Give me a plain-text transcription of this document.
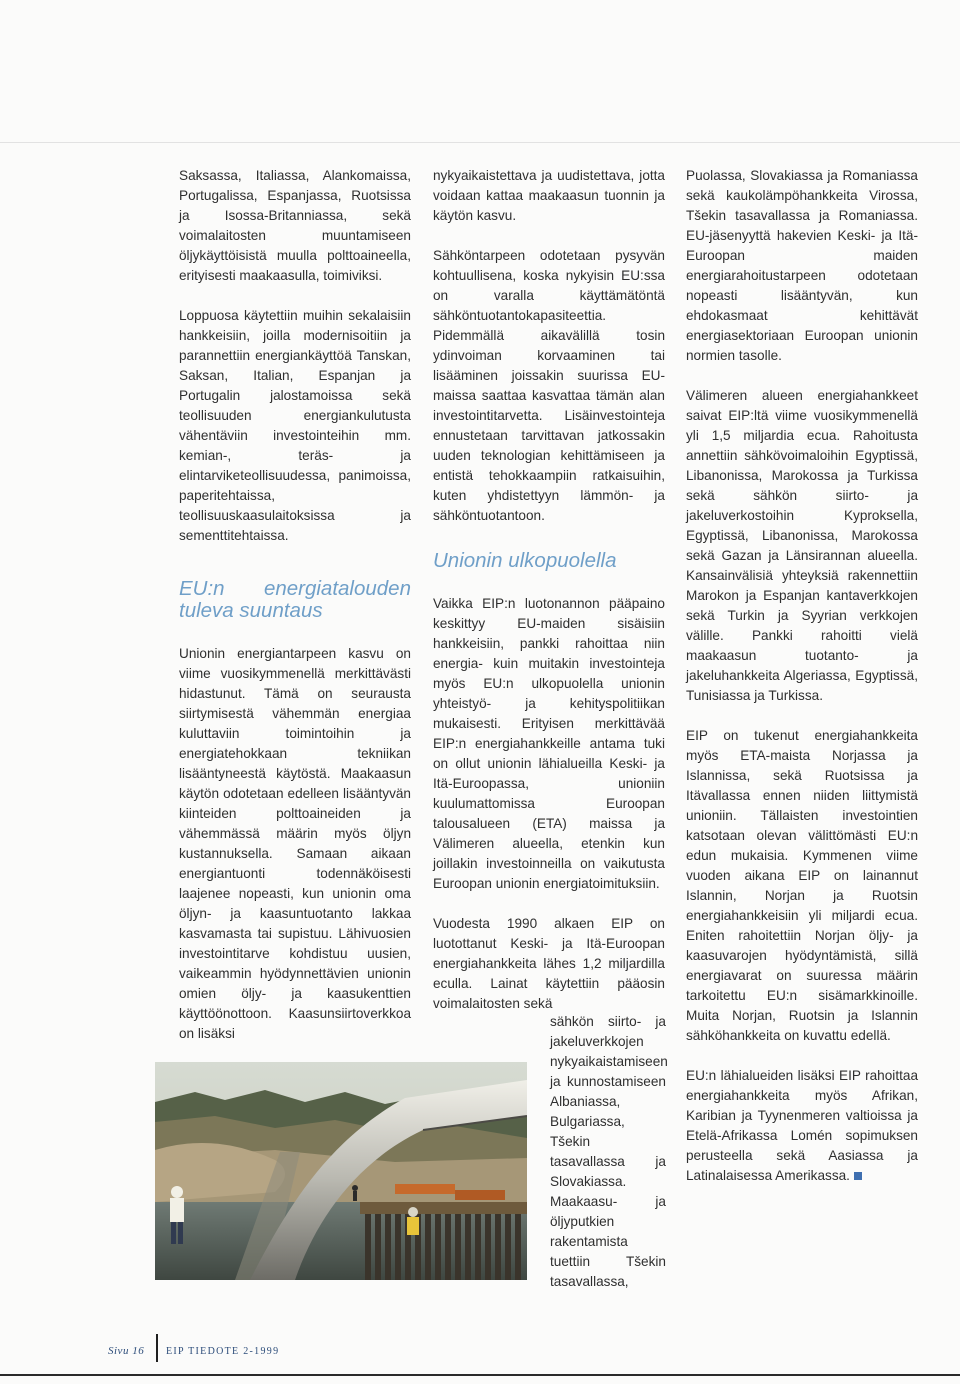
Saksassa, Italiassa, Alankomaissa, Portugalissa, Espanjassa, Ruotsissa ja Isossa-Britanniassa, sekä voimalaitosten muuntamiseen öljykäyttöisistä muulla polttoaineella, erityisesti maakaasulla, toimiviksi.

Loppuosa käytettiin muihin sekalaisiin hankkeisiin, joilla modernisoitiin ja parannettiin energiankäyttöä Tanskan, Saksan, Italian, Espanjan ja Portugalin jalostamoissa sekä teollisuuden energiankulutusta vähentäviin investointeihin mm. kemian-, teräs- ja elintarviketeollisuudessa, panimoissa, paperitehtaissa, teollisuuskaasulaitoksissa ja sementtitehtaissa.

EU:n energiatalouden tuleva suuntaus

Unionin energiantarpeen kasvu on viime vuosikymmenellä merkittävästi hidastunut. Tämä on seurausta siirtymisestä vähemmän energiaa kuluttaviin toimintoihin ja energiatehokkaan tekniikan lisääntyneestä käytöstä. Maakaasun käytön odotetaan edelleen lisääntyvän kiinteiden polttoaineiden ja vähemmässä määrin myös öljyn kustannuksella. Samaan aikaan energiantuonti todennäköisesti laajenee nopeasti, kun unionin oma öljyn- ja kaasuntuotanto lakkaa kasvamasta tai supistuu. Lähivuosien investointitarve kohdistuu uusien, vaikeammin hyödynnettävien unionin omien öljy- ja kaasukenttien käyttöönottoon. Kaasunsiirtoverkkoa on lisäksi

nykyaikaistettava ja uudistettava, jotta voidaan kattaa maakaasun tuonnin ja käytön kasvu.

Sähköntarpeen odotetaan pysyvän kohtuullisena, koska nykyisin EU:ssa on varalla käyttämätöntä sähköntuotantokapasiteettia. Pidemmällä aikavälillä tosin ydinvoiman korvaaminen tai lisääminen joissakin suurissa EU-maissa saattaa kasvattaa tämän alan investointitarvetta. Lisäinvestointeja ennustetaan tarvittavan jatkossakin uuden teknologian kehittämiseen ja entistä tehokkaampiin ratkaisuihin, kuten yhdistettyyn lämmön- ja sähköntuotantoon.

Unionin ulkopuolella

Vaikka EIP:n luotonannon pääpaino keskittyy EU-maiden sisäisiin hankkeisiin, pankki rahoittaa niin energia- kuin muitakin investointeja myös EU:n ulkopuolella unionin yhteistyö- ja kehityspolitiikan mukaisesti. Erityisen merkittävää EIP:n energiahankkeille antama tuki on ollut unionin lähialueilla Keski- ja Itä-Euroopassa, unioniin kuulumattomissa Euroopan talousalueen (ETA) maissa ja Välimeren alueella, etenkin kun joillakin investoinneilla on vaikutusta Euroopan unionin energiatoimituksiin.

Vuodesta 1990 alkaen EIP on luotottanut Keski- ja Itä-Euroopan energiahankkeita lähes 1,2 miljardilla eculla. Lainat käytettiin pääosin voimalaitosten sekä

sähkön siirto- ja jakeluverkkojen nykyaikaistamiseen ja kunnostamiseen Albaniassa, Bulgariassa, Tšekin tasavallassa ja Slovakiassa. Maakaasu- ja öljyputkien rakentamista tuettiin Tšekin tasavallassa,

Puolassa, Slovakiassa ja Romaniassa sekä kaukolämpöhankkeita Virossa, Tšekin tasavallassa ja Romaniassa. EU-jäsenyyttä hakevien Keski- ja Itä-Euroopan maiden energiarahoitustarpeen odotetaan nopeasti lisääntyvän, kun ehdokasmaat kehittävät energiasektoriaan Euroopan unionin normien tasolle.

Välimeren alueen energiahankkeet saivat EIP:ltä viime vuosikymmenellä yli 1,5 miljardia ecua. Rahoitusta annettiin sähkövoimaloihin Egyptissä, Libanonissa, Marokossa ja Turkissa sekä sähkön siirto- ja jakeluverkostoihin Kyproksella, Egyptissä, Libanonissa, Marokossa sekä Gazan ja Länsirannan alueella. Kansainvälisiä yhteyksiä rakennettiin Marokon ja Espanjan kantaverkkojen sekä Turkin ja Syyrian verkkojen välille. Pankki rahoitti vielä maakaasun tuotanto- ja jakeluhankkeita Algeriassa, Egyptissä, Tunisiassa ja Turkissa.

EIP on tukenut energiahankkeita myös ETA-maista Norjassa ja Islannissa, sekä Ruotsissa ja Itävallassa ennen niiden liittymistä unioniin. Tällaisten investointien katsotaan olevan välittömästi EU:n edun mukaisia. Kymmenen viime vuoden aikana EIP on lainannut Islannin, Norjan ja Ruotsin energiahankkeisiin yli miljardi ecua. Eniten rahoitettiin Norjan öljy- ja kaasuvarojen hyödyntämistä, sillä energiavarat on suuressa määrin tarkoitettu EU:n sisämarkkinoille. Muita Norjan, Ruotsin ja Islannin sähköhankkeita on kuvattu edellä.

EU:n lähialueiden lisäksi EIP rahoittaa energiahankkeita myös Afrikan, Karibian ja Tyynenmeren valtioissa ja Etelä-Afrikassa Lomén sopimuksen perusteella sekä Aasiassa ja Latinalaisessa Amerikassa.

Sivu 16 EIP TIEDOTE 2-1999
